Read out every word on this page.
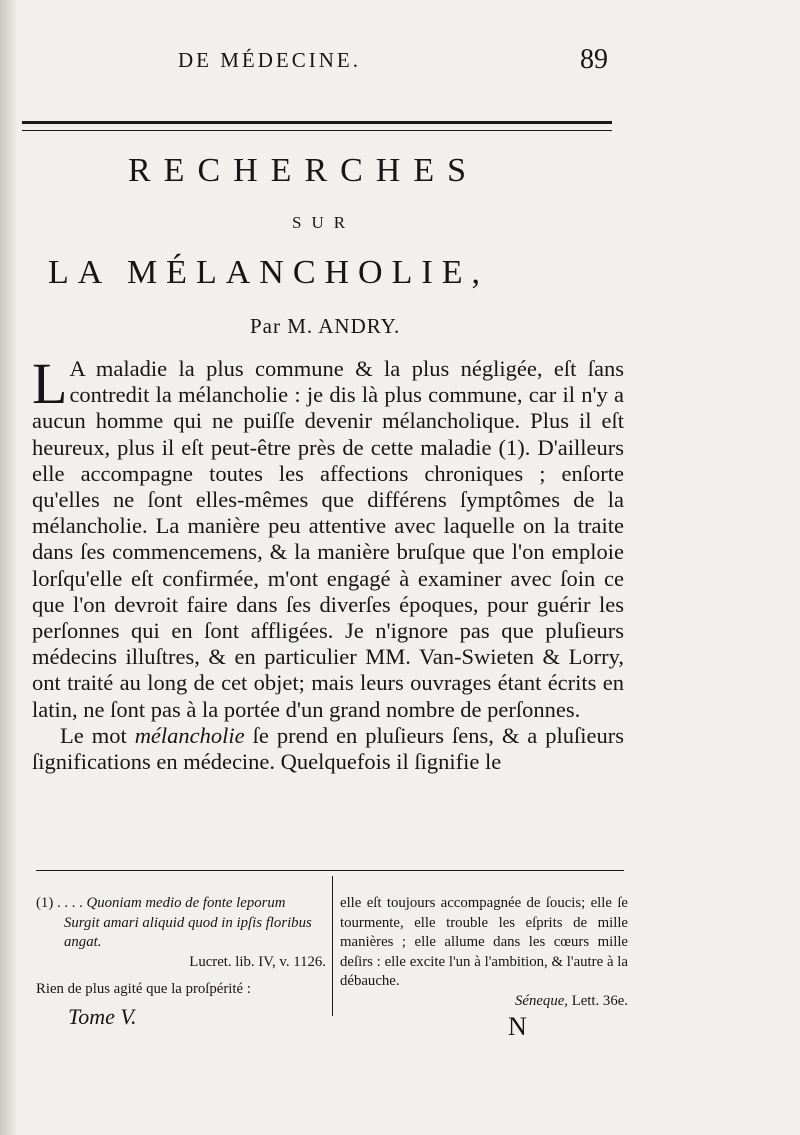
DE MÉDECINE.	89
RECHERCHES
SUR
LA MÉLANCHOLIE,
Par M. ANDRY.

L A maladie la plus commune & la plus négligée, eſt ſans contredit la mélancholie : je dis là plus commune, car il n'y a aucun homme qui ne puiſſe devenir mélancholique. Plus il eſt heureux, plus il eſt peut-être près de cette maladie (1). D'ailleurs elle accompagne toutes les affections chroniques ; enſorte qu'elles ne ſont elles-mêmes que différens ſymptômes de la mélancholie. La manière peu attentive avec laquelle on la traite dans ſes commencemens, & la manière bruſque que l'on emploie lorſqu'elle eſt confirmée, m'ont engagé à examiner avec ſoin ce que l'on devroit faire dans ſes diverſes époques, pour guérir les perſonnes qui en ſont affligées. Je n'ignore pas que pluſieurs médecins illuſtres, & en particulier MM. Van-Swieten & Lorry, ont traité au long de cet objet; mais leurs ouvrages étant écrits en latin, ne ſont pas à la portée d'un grand nombre de perſonnes.

Le mot mélancholie ſe prend en pluſieurs ſens, & a pluſieurs ſignifications en médecine. Quelquefois il ſignifie le

(1) . . . . Quoniam medio de fonte leporum
Surgit amari aliquid quod in ipſis floribus angat.
Lucret. lib. IV, v. 1126.
Rien de plus agité que la proſpérité :
elle eſt toujours accompagnée de ſoucis; elle ſe tourmente, elle trouble les eſprits de mille manières ; elle allume dans les cœurs mille deſirs : elle excite l'un à l'ambition, & l'autre à la débauche.
Séneque, Lett. 36e.
Tome V.	N
